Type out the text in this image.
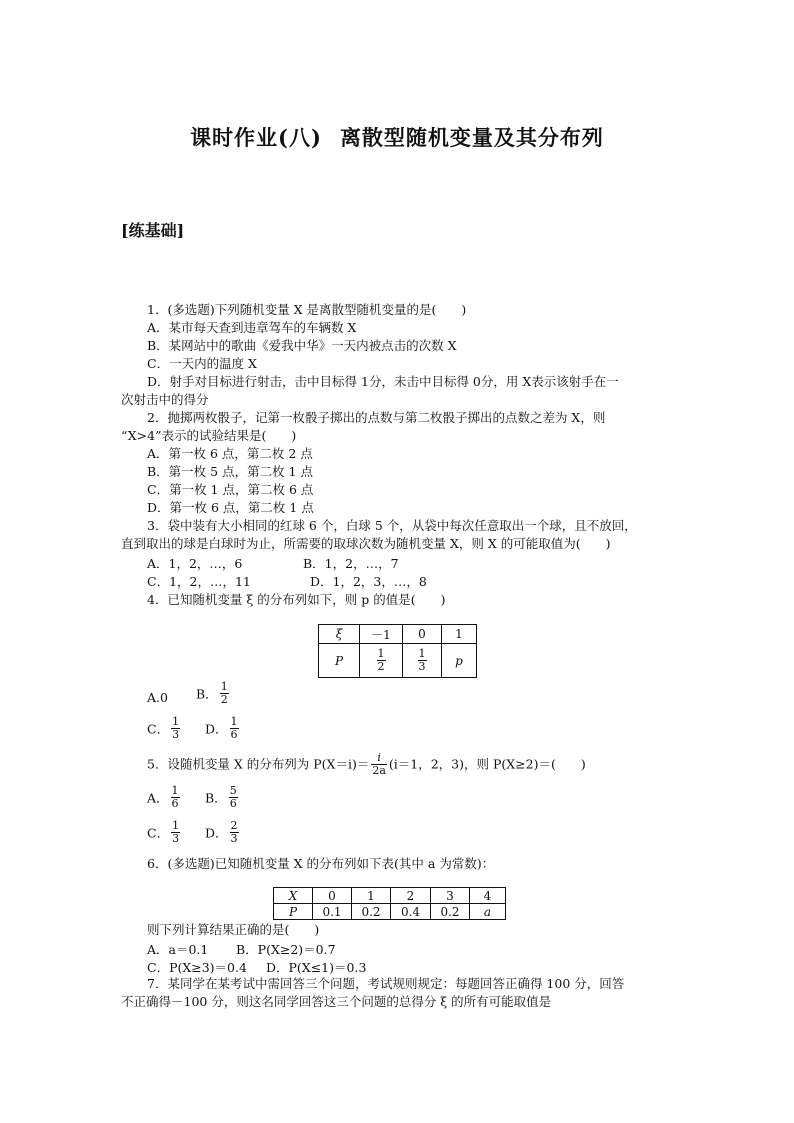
课时作业(八) 离散型随机变量及其分布列
[练基础]
1．(多选题)下列随机变量 X 是离散型随机变量的是(　　)
A．某市每天查到违章驾车的车辆数 X
B．某网站中的歌曲《爱我中华》一天内被点击的次数 X
C．一天内的温度 X
D．射手对目标进行射击，击中目标得 1分，未击中目标得 0分，用 X表示该射手在一
次射击中的得分
2．抛掷两枚骰子，记第一枚骰子掷出的点数与第二枚骰子掷出的点数之差为 X，则
“X>4”表示的试验结果是(　　)
A．第一枚 6 点，第二枚 2 点
B．第一枚 5 点，第二枚 1 点
C．第一枚 1 点，第二枚 6 点
D．第一枚 6 点，第二枚 1 点
3．袋中装有大小相同的红球 6 个，白球 5 个，从袋中每次任意取出一个球，且不放回，
直到取出的球是白球时为止，所需要的取球次数为随机变量 X，则 X 的可能取值为(　　)
A．1，2，…，6	B．1，2，…，7
C．1，2，…，11	D．1，2，3，…，8
4．已知随机变量 ξ 的分布列如下，则 p 的值是(　　)
ξ	－1	0	1
P	$\frac{1}{2}$	$\frac{1}{3}$	p
A.0 B． $\frac{1}{2}$
C． $\frac{1}{3}$ D． $\frac{1}{6}$
5．设随机变量 X 的分布列为 $P(X=i)= \frac{i}{2a} (i=1$，2，3)，则 P(X≥2)＝(　　)
A． $\frac{1}{6}$ B． $\frac{5}{6}$
C． $\frac{1}{3}$ D． $\frac{2}{3}$
6．(多选题)已知随机变量 X 的分布列如下表(其中 a 为常数)：
X	0	1	2	3	4
P	0.1	0.2	0.4	0.2	a
则下列计算结果正确的是(　　)
A．a＝0.1 B．P(X≥2)＝0.7
C．P(X≥3)＝0.4 D．P(X≤1)＝0.3
7．某同学在某考试中需回答三个问题，考试规则规定：每题回答正确得 100 分，回答
不正确得－100 分，则这名同学回答这三个问题的总得分 ξ 的所有可能取值是
